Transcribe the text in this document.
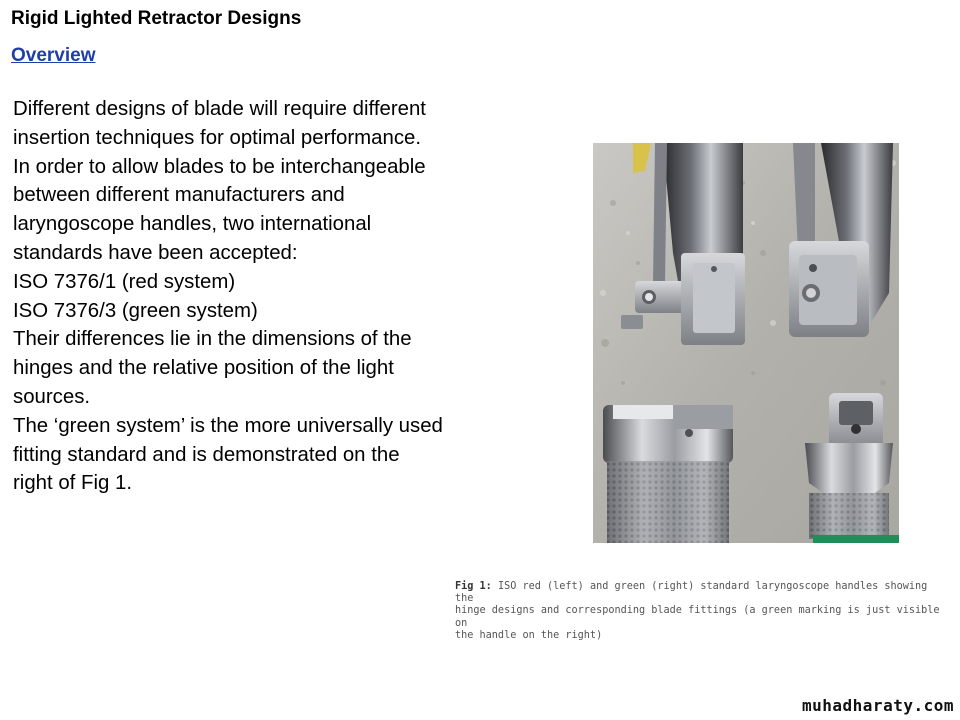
Rigid Lighted Retractor Designs
Overview
Different designs of blade will require different
insertion techniques for optimal performance.
In order to allow blades to be interchangeable
between different manufacturers and
laryngoscope handles, two international
standards have been accepted:
ISO 7376/1 (red system)
ISO 7376/3 (green system)
Their differences lie in the dimensions of the
hinges and the relative position of the light
sources.
The ‘green system’ is the more universally used
fitting standard and is demonstrated on the
right of Fig 1.
Fig 1: ISO red (left) and green (right) standard laryngoscope handles showing the
hinge designs and corresponding blade fittings (a green marking is just visible on
the handle on the right)
muhadharaty.com
